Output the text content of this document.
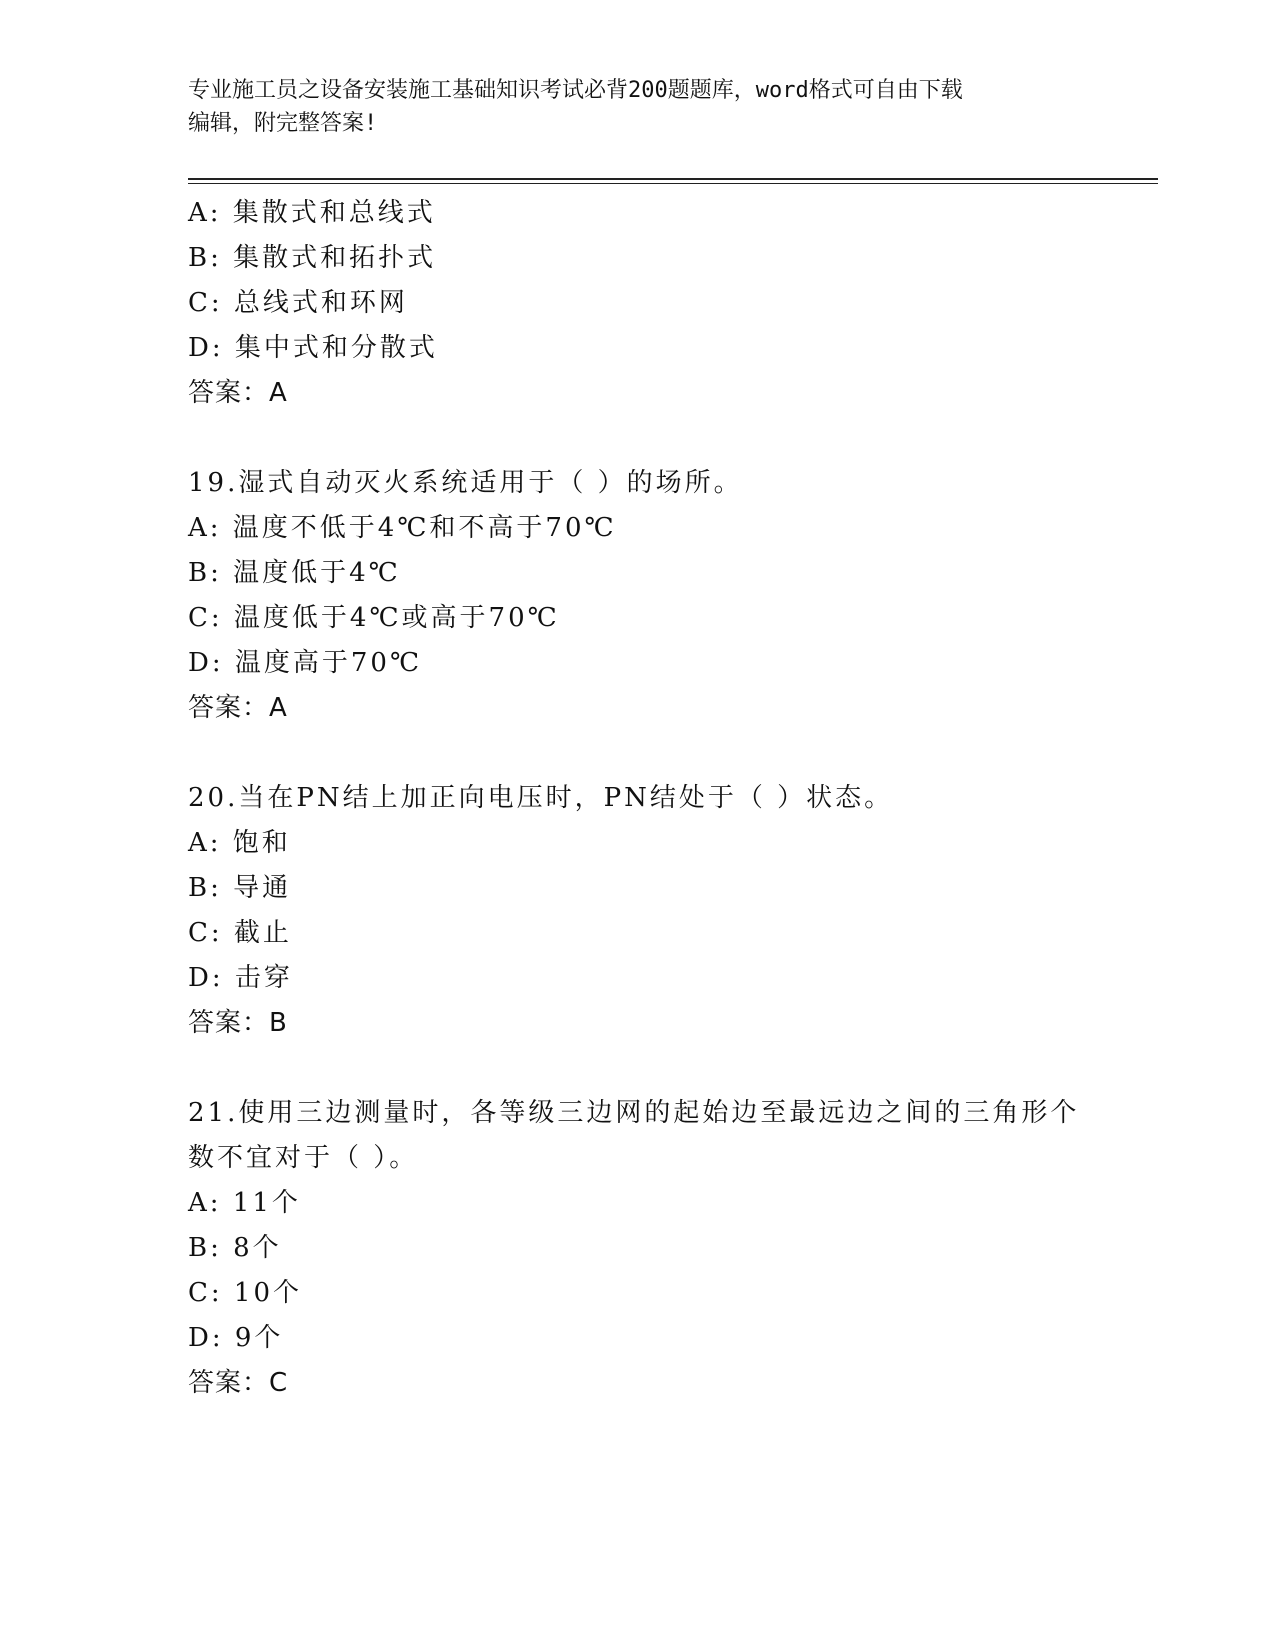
专业施工员之设备安装施工基础知识考试必背200题题库，word格式可自由下载
编辑，附完整答案!
A: 集散式和总线式
B: 集散式和拓扑式
C: 总线式和环网
D: 集中式和分散式
答案：A
19.湿式自动灭火系统适用于（ ）的场所。
A: 温度不低于4℃和不高于70℃
B: 温度低于4℃
C: 温度低于4℃或高于70℃
D: 温度高于70℃
答案：A
20.当在PN结上加正向电压时，PN结处于（ ）状态。
A: 饱和
B: 导通
C: 截止
D: 击穿
答案：B
21.使用三边测量时，各等级三边网的起始边至最远边之间的三角形个
数不宜对于（ ）。
A: 11个
B: 8个
C: 10个
D: 9个
答案：C
